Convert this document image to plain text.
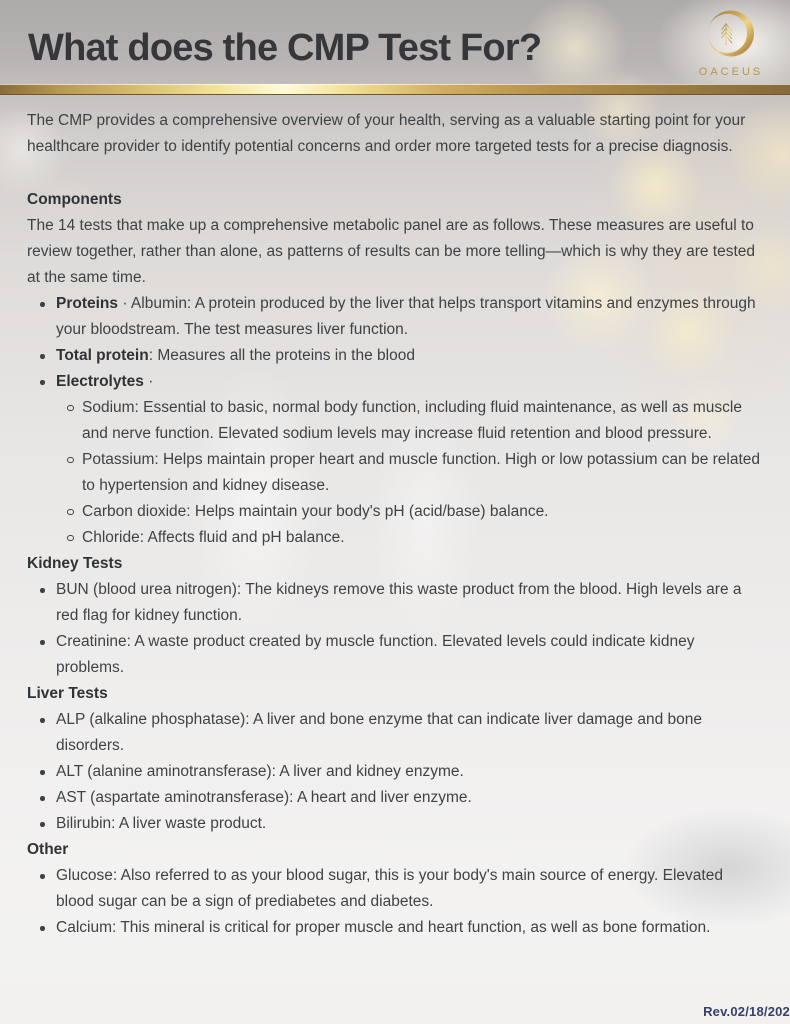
What does the CMP Test For?
OACEUS

The CMP provides a comprehensive overview of your health, serving as a valuable starting point for your healthcare provider to identify potential concerns and order more targeted tests for a precise diagnosis.

Components

The 14 tests that make up a comprehensive metabolic panel are as follows. These measures are useful to review together, rather than alone, as patterns of results can be more telling—which is why they are tested at the same time.

Proteins · Albumin: A protein produced by the liver that helps transport vitamins and enzymes through your bloodstream. The test measures liver function.
Total protein: Measures all the proteins in the blood
Electrolytes ·
Sodium: Essential to basic, normal body function, including fluid maintenance, as well as muscle and nerve function. Elevated sodium levels may increase fluid retention and blood pressure.
Potassium: Helps maintain proper heart and muscle function. High or low potassium can be related to hypertension and kidney disease.
Carbon dioxide: Helps maintain your body's pH (acid/base) balance.
Chloride: Affects fluid and pH balance.
Kidney Tests
BUN (blood urea nitrogen): The kidneys remove this waste product from the blood. High levels are a red flag for kidney function.
Creatinine: A waste product created by muscle function. Elevated levels could indicate kidney problems.
Liver Tests
ALP (alkaline phosphatase): A liver and bone enzyme that can indicate liver damage and bone disorders.
ALT (alanine aminotransferase): A liver and kidney enzyme.
AST (aspartate aminotransferase): A heart and liver enzyme.
Bilirubin: A liver waste product.
Other
Glucose: Also referred to as your blood sugar, this is your body's main source of energy. Elevated blood sugar can be a sign of prediabetes and diabetes.
Calcium: This mineral is critical for proper muscle and heart function, as well as bone formation.
Rev.02/18/202
